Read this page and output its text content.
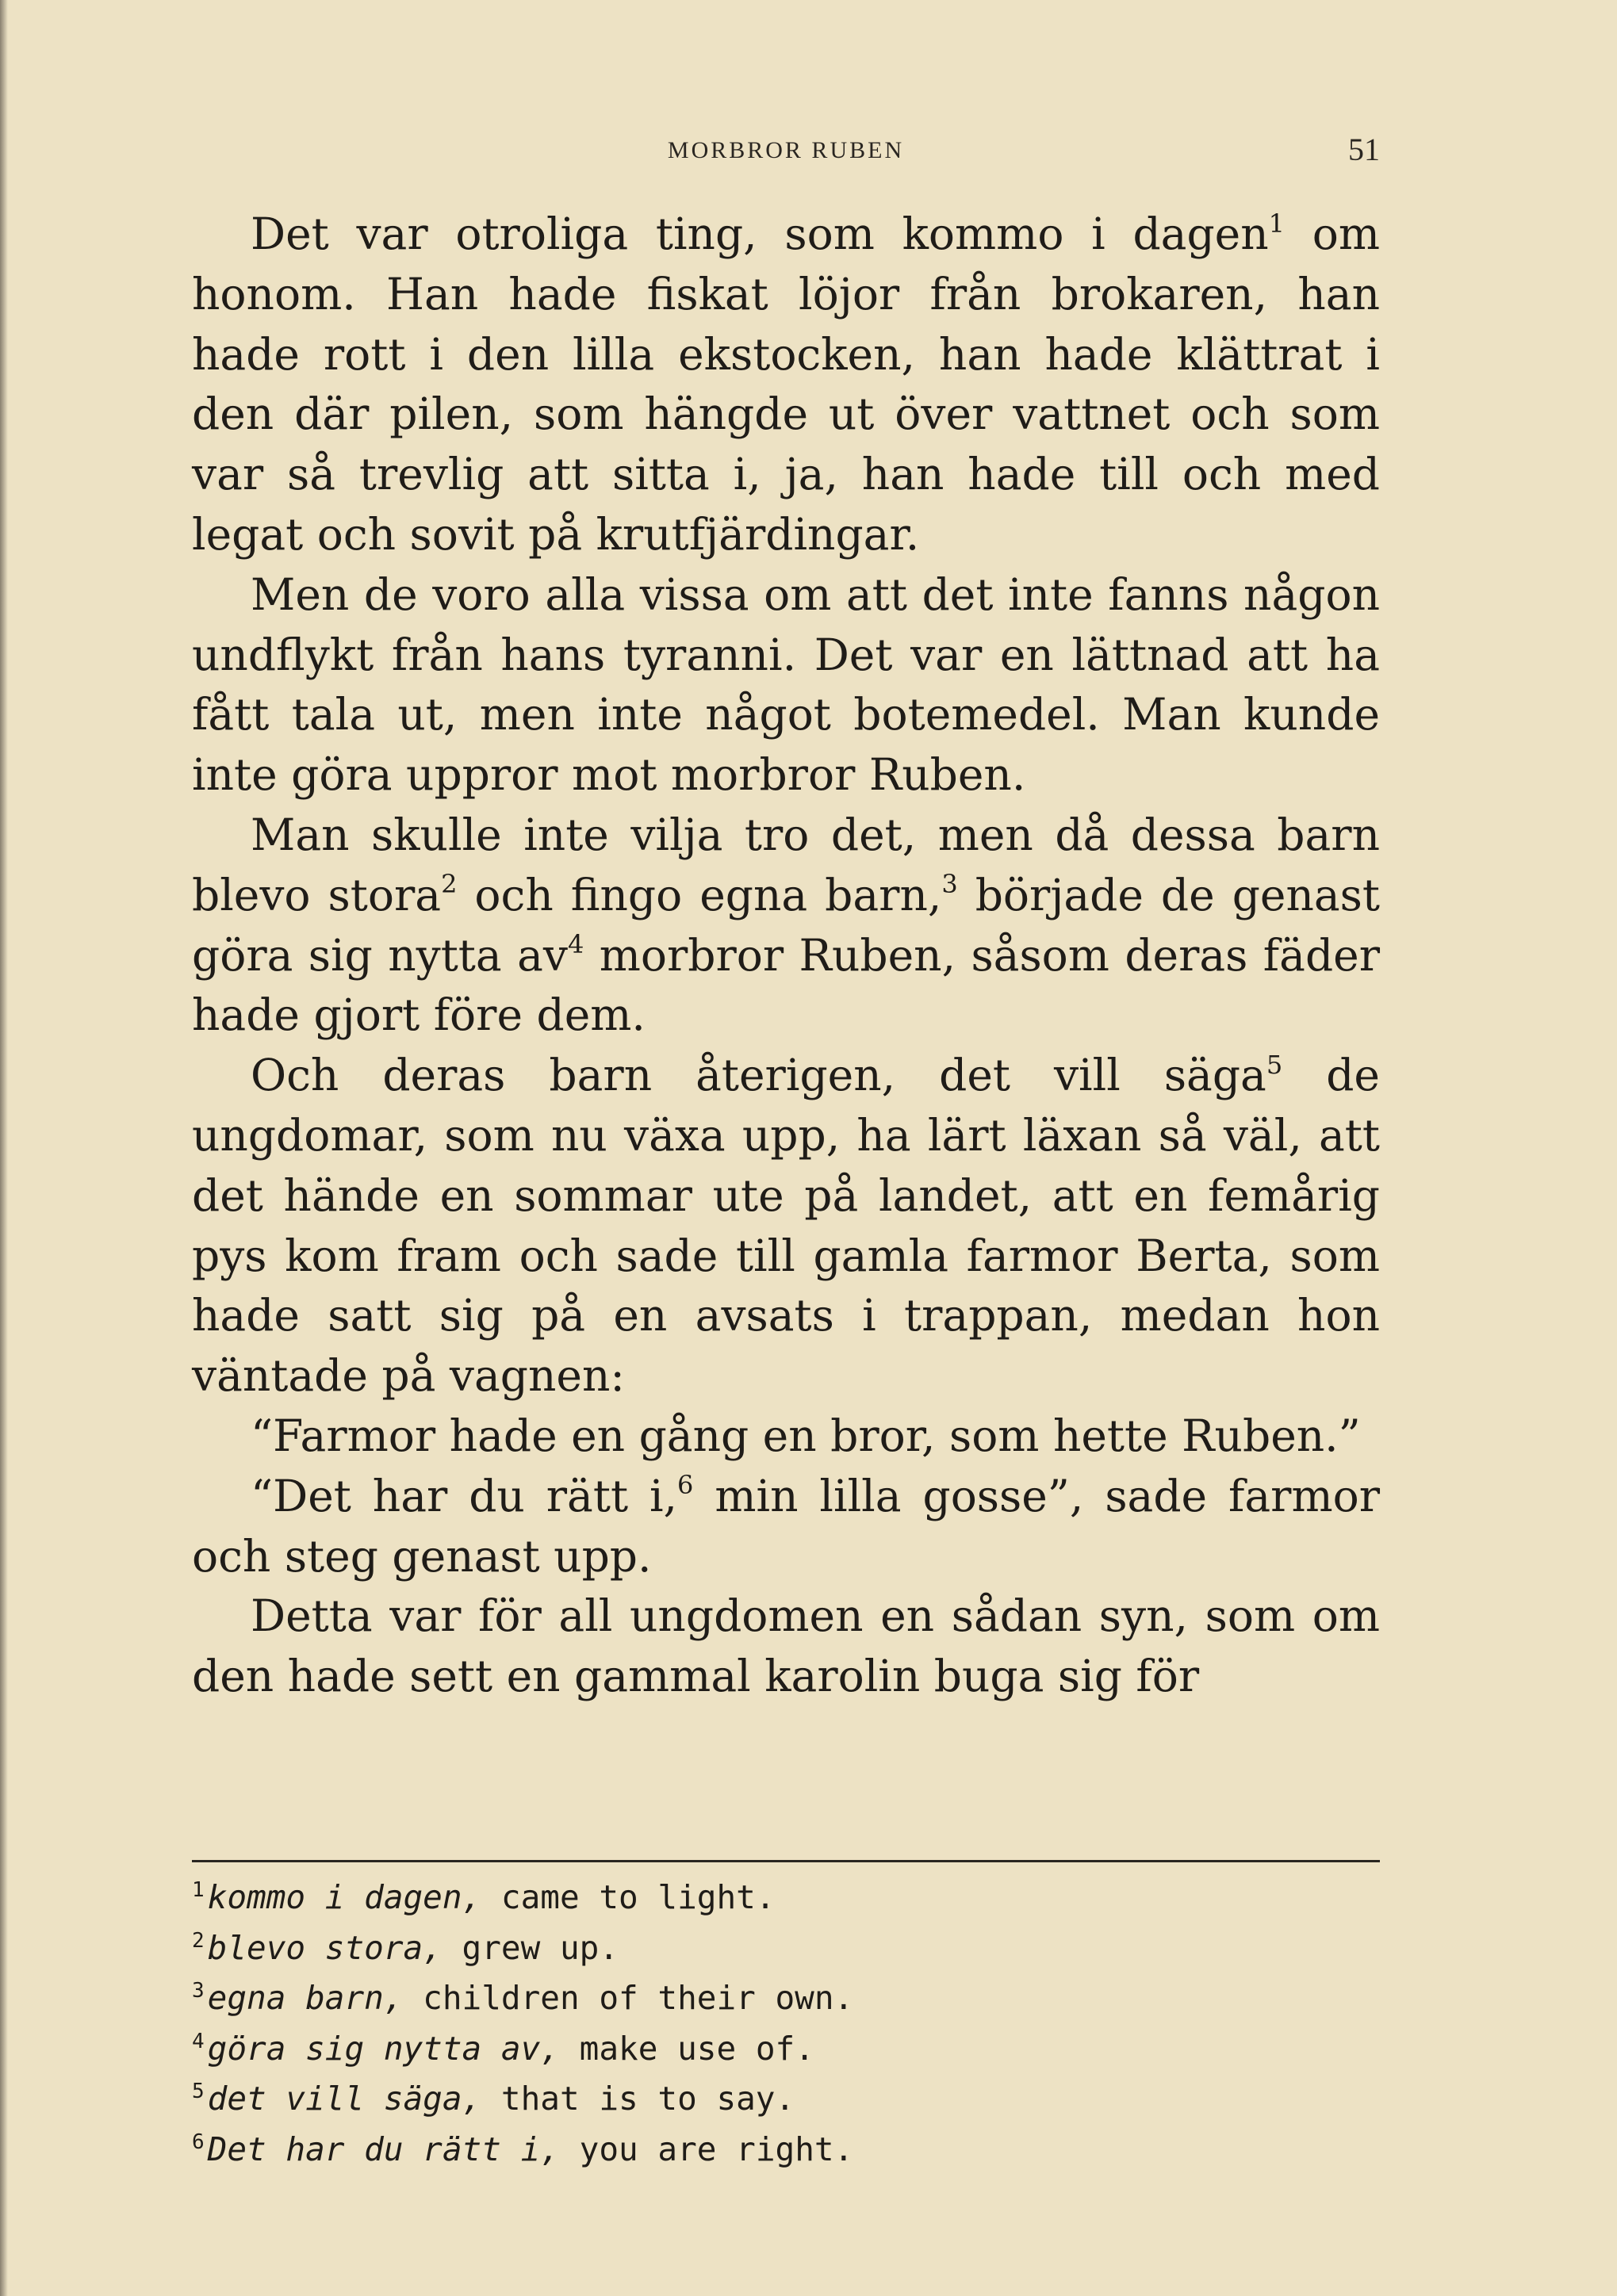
MORBROR RUBEN	51

Det var otroliga ting, som kommo i dagen$^1$ om honom. Han hade fiskat löjor från brokaren, han hade rott i den lilla ekstocken, han hade klättrat i den där pilen, som hängde ut över vattnet och som var så trevlig att sitta i, ja, han hade till och med legat och sovit på krutfjärdingar.

Men de voro alla vissa om att det inte fanns någon undflykt från hans tyranni. Det var en lättnad att ha fått tala ut, men inte något botemedel. Man kunde inte göra uppror mot morbror Ruben.

Man skulle inte vilja tro det, men då dessa barn blevo stora$^2$ och fingo egna barn,$^3$ började de genast göra sig nytta $av^4$ morbror Ruben, såsom deras fäder hade gjort före dem.

Och deras barn återigen, det vill säga$^5$ de ungdomar, som nu växa upp, ha lärt läxan så väl, att det hände en sommar ute på landet, att en femårig pys kom fram och sade till gamla farmor Berta, som hade satt sig på en avsats i trappan, medan hon väntade på vagnen:

“Farmor hade en gång en bror, som hette Ruben.”

“Det har du rätt i,$^6$ min lilla gosse”, sade farmor och steg genast upp.

Detta var för all ungdomen en sådan syn, som om den hade sett en gammal karolin buga sig för

$^1$kommo i dagen, came to light.
$^2$blevo stora, grew up.
$^3$egna barn, children of their own.
$^4$göra sig nytta av, make use of.
$^5$det vill säga, that is to say.
$^6$Det har du rätt i, you are right.
